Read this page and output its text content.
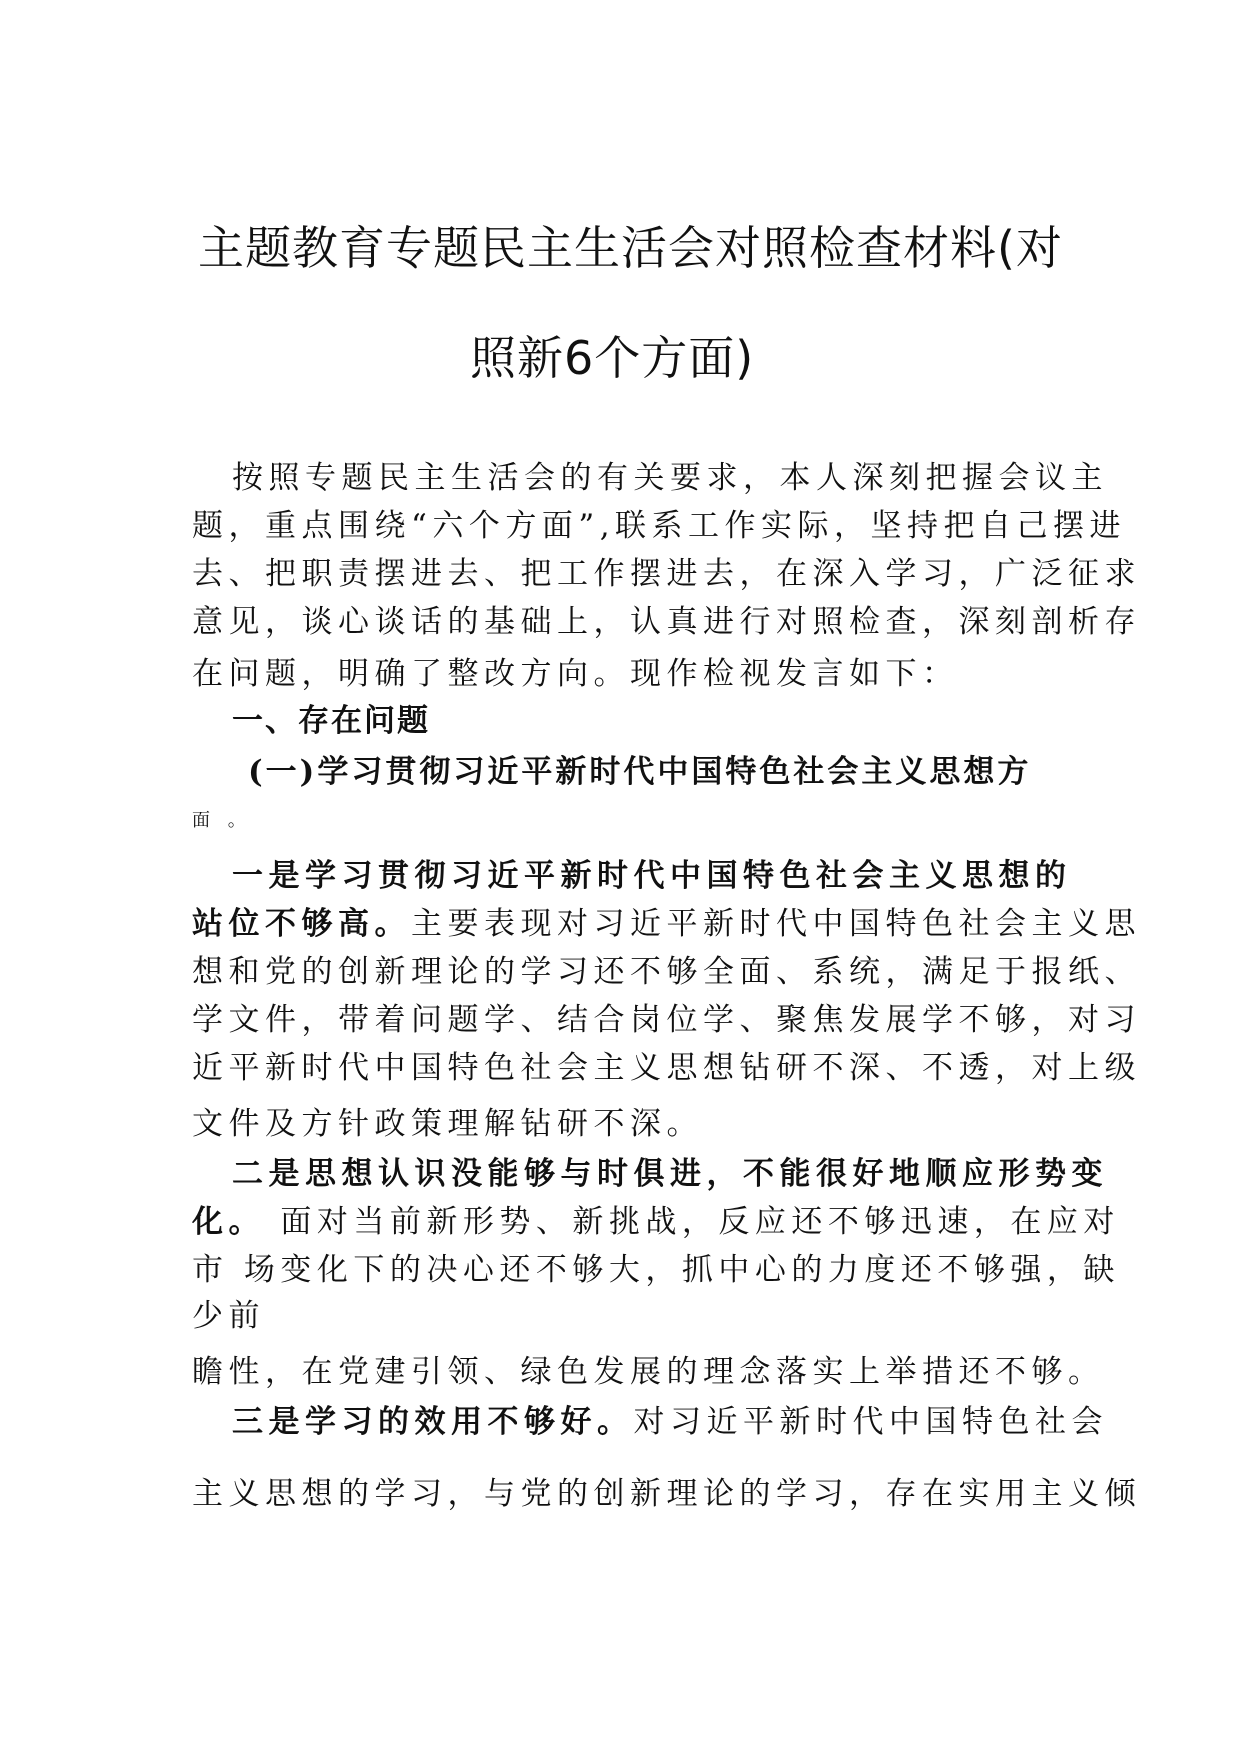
主题教育专题民主生活会对照检查材料(对
照新6个方面)
按照专题民主生活会的有关要求，本人深刻把握会议主
题，重点围绕“六个方面”,联系工作实际，坚持把自己摆进
去、把职责摆进去、把工作摆进去，在深入学习，广泛征求
意见，谈心谈话的基础上，认真进行对照检查，深刻剖析存
在问题，明确了整改方向。现作检视发言如下：
一、存在问题
(一)学习贯彻习近平新时代中国特色社会主义思想方
面 。
一是学习贯彻习近平新时代中国特色社会主义思想的
站位不够高。主要表现对习近平新时代中国特色社会主义思
想和党的创新理论的学习还不够全面、系统，满足于报纸、
学文件，带着问题学、结合岗位学、聚焦发展学不够，对习
近平新时代中国特色社会主义思想钻研不深、不透，对上级
文件及方针政策理解钻研不深。
二是思想认识没能够与时俱进，不能很好地顺应形势变
化。 面对当前新形势、新挑战，反应还不够迅速，在应对
市 场变化下的决心还不够大，抓中心的力度还不够强，缺
少前
瞻性，在党建引领、绿色发展的理念落实上举措还不够。
三是学习的效用不够好。对习近平新时代中国特色社会
主义思想的学习，与党的创新理论的学习，存在实用主义倾
